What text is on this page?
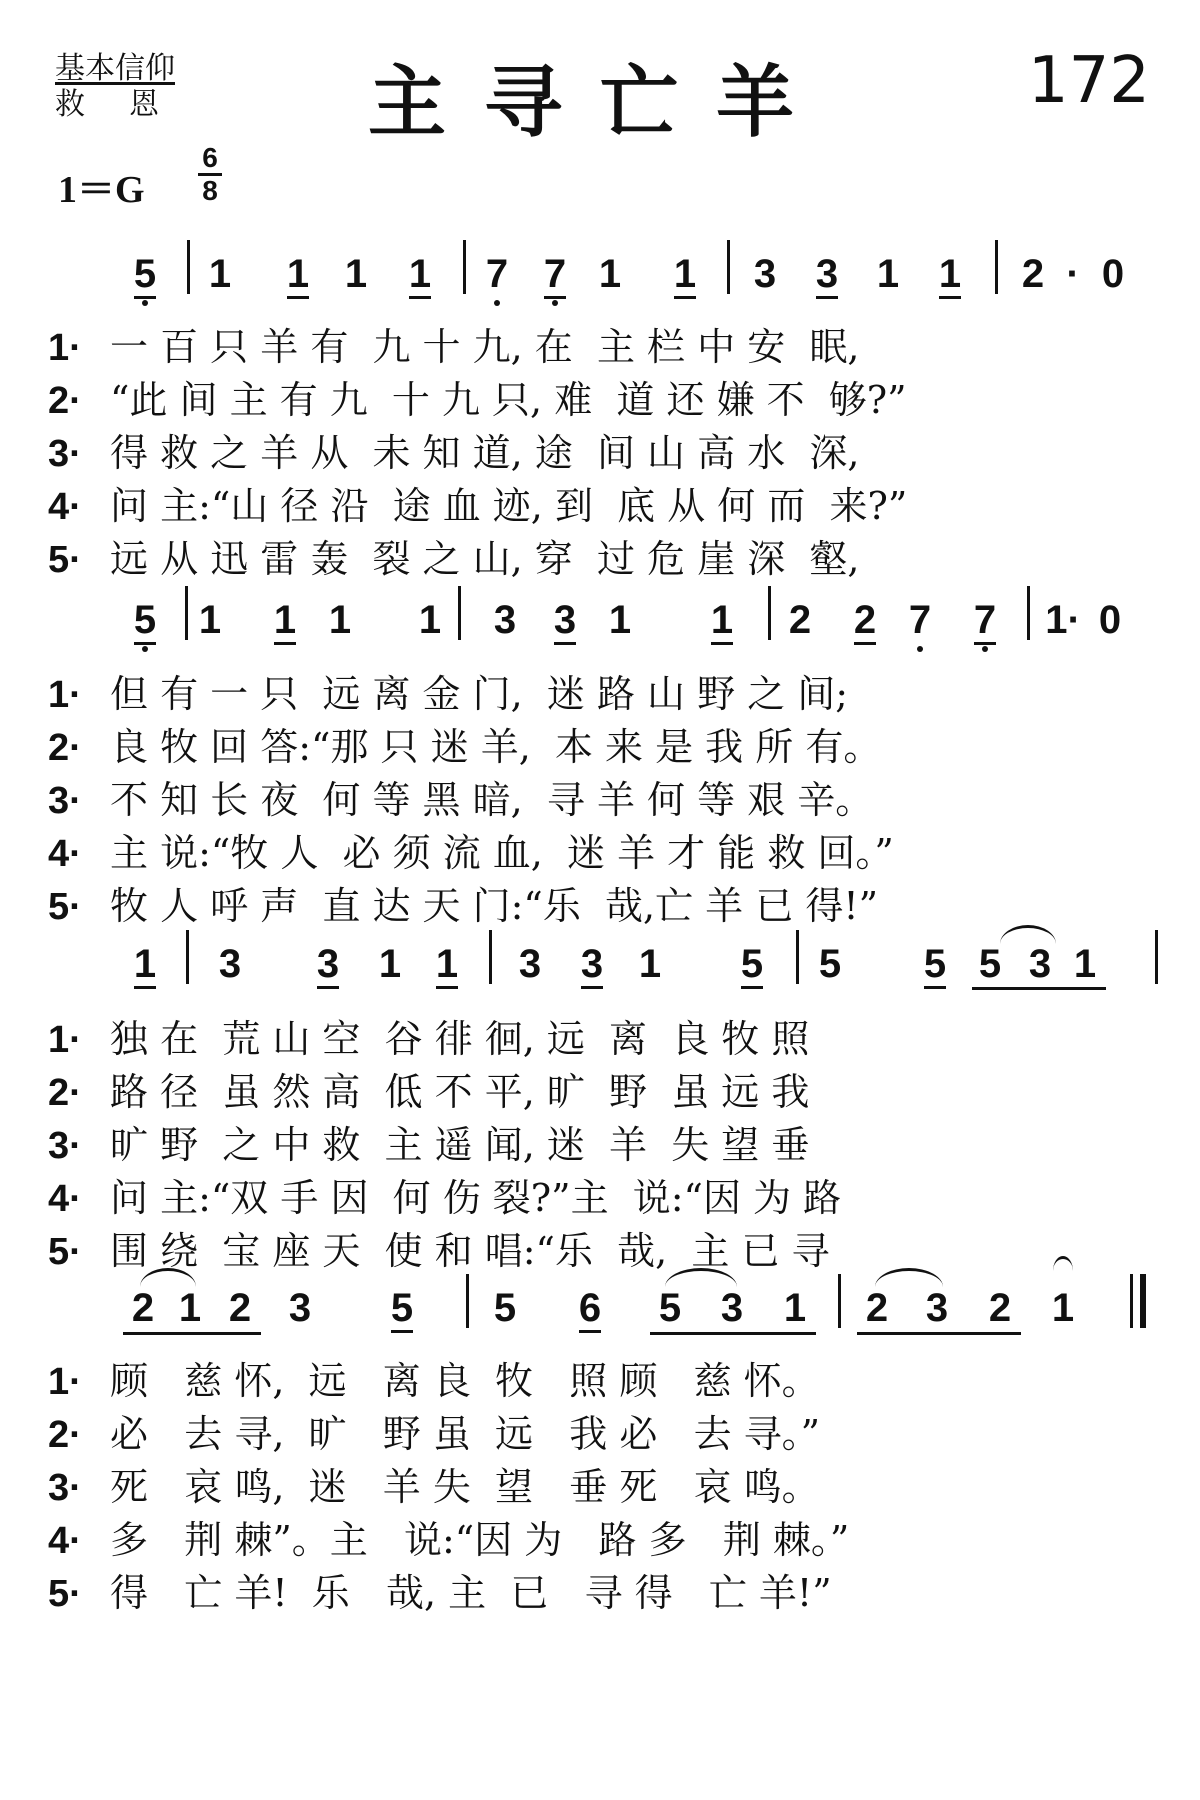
基本信仰
救恩	主寻亡羊	172
1＝G
6
8
5 1 1 1 1 7 7 1 1 3 3 1 1 2 · 0
1· 一 百 只 羊 有  九 十 九, 在  主 栏 中 安  眠,
2· “此 间 主 有 九  十 九 只, 难  道 还 嫌 不  够?”
3· 得 救 之 羊 从  未 知 道, 途  间 山 高 水  深,
4· 问 主:“山 径 沿  途 血 迹, 到  底 从 何 而  来?”
5· 远 从 迅 雷 轰  裂 之 山, 穿  过 危 崖 深  壑,
5 1 1 1 1 3 3 1 1 2 2 7 7 1· 0
1· 但 有 一 只  远 离 金 门,  迷 路 山 野 之 间;
2· 良 牧 回 答:“那 只 迷 羊,  本 来 是 我 所 有。
3· 不 知 长 夜  何 等 黑 暗,  寻 羊 何 等 艰 辛。
4· 主 说:“牧 人  必 须 流 血,  迷 羊 才 能 救 回。”
5· 牧 人 呼 声  直 达 天 门:“乐  哉,亡 羊 已 得!”
1 3 3 1 1 3 3 1 5 5 5 5 3 1
1· 独 在  荒 山 空  谷 徘 徊, 远  离  良 牧 照
2· 路 径  虽 然 高  低 不 平, 旷  野  虽 远 我
3· 旷 野  之 中 救  主 遥 闻, 迷  羊  失 望 垂
4· 问 主:“双 手 因  何 伤 裂?”主  说:“因 为 路
5· 围 绕  宝 座 天  使 和 唱:“乐  哉,  主 已 寻
2 1 2 3 5 5 6 5 3 1 2 3 2 1
1· 顾   慈 怀,  远   离 良  牧   照 顾   慈 怀。
2· 必   去 寻,  旷   野 虽  远   我 必   去 寻。”
3· 死   哀 鸣,  迷   羊 失  望   垂 死   哀 鸣。
4· 多   荆 棘”。主   说:“因 为   路 多   荆 棘。”
5· 得   亡 羊!  乐   哉, 主  已   寻 得   亡 羊!”
